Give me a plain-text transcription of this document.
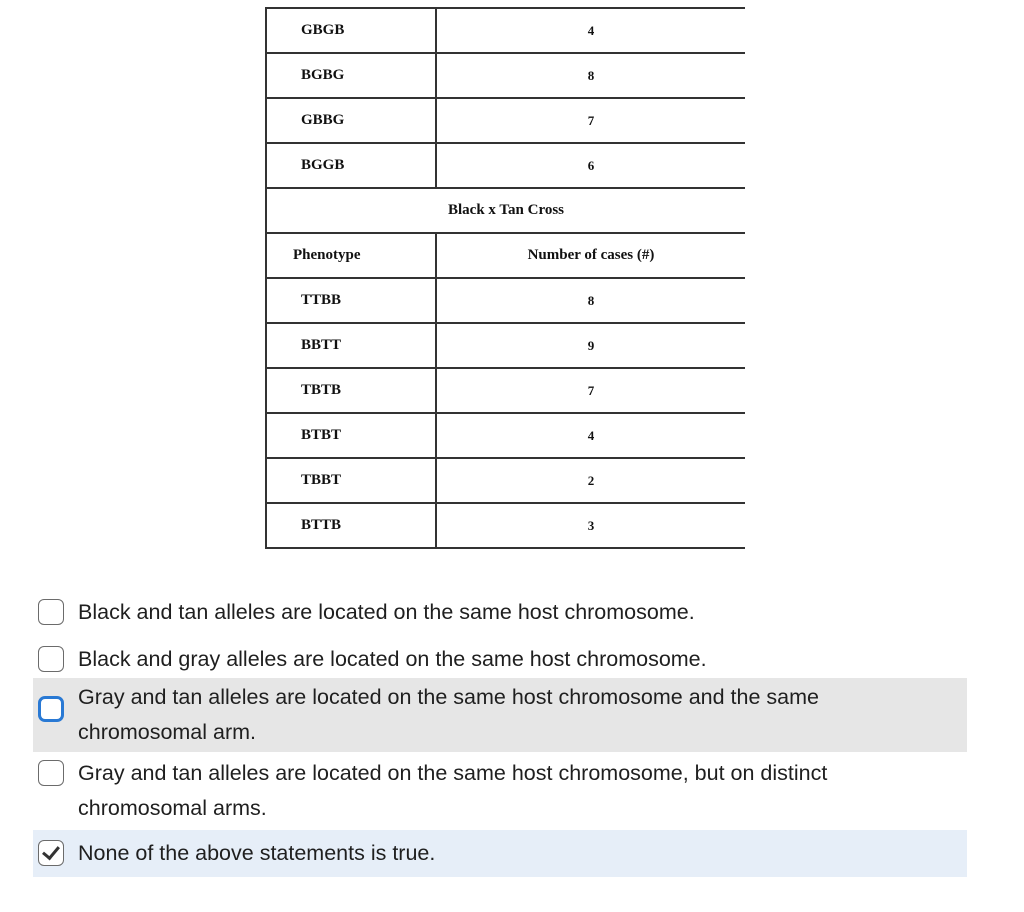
GBGB	4
BGBG	8
GBBG	7
BGGB	6
Black x Tan Cross	
Phenotype	Number of cases (#)
TTBB	8
BBTT	9
TBTB	7
BTBT	4
TBBT	2
BTTB	3
Black and tan alleles are located on the same host chromosome.
Black and gray alleles are located on the same host chromosome.
Gray and tan alleles are located on the same host chromosome and the same chromosomal arm.
Gray and tan alleles are located on the same host chromosome, but on distinct chromosomal arms.
None of the above statements is true.
